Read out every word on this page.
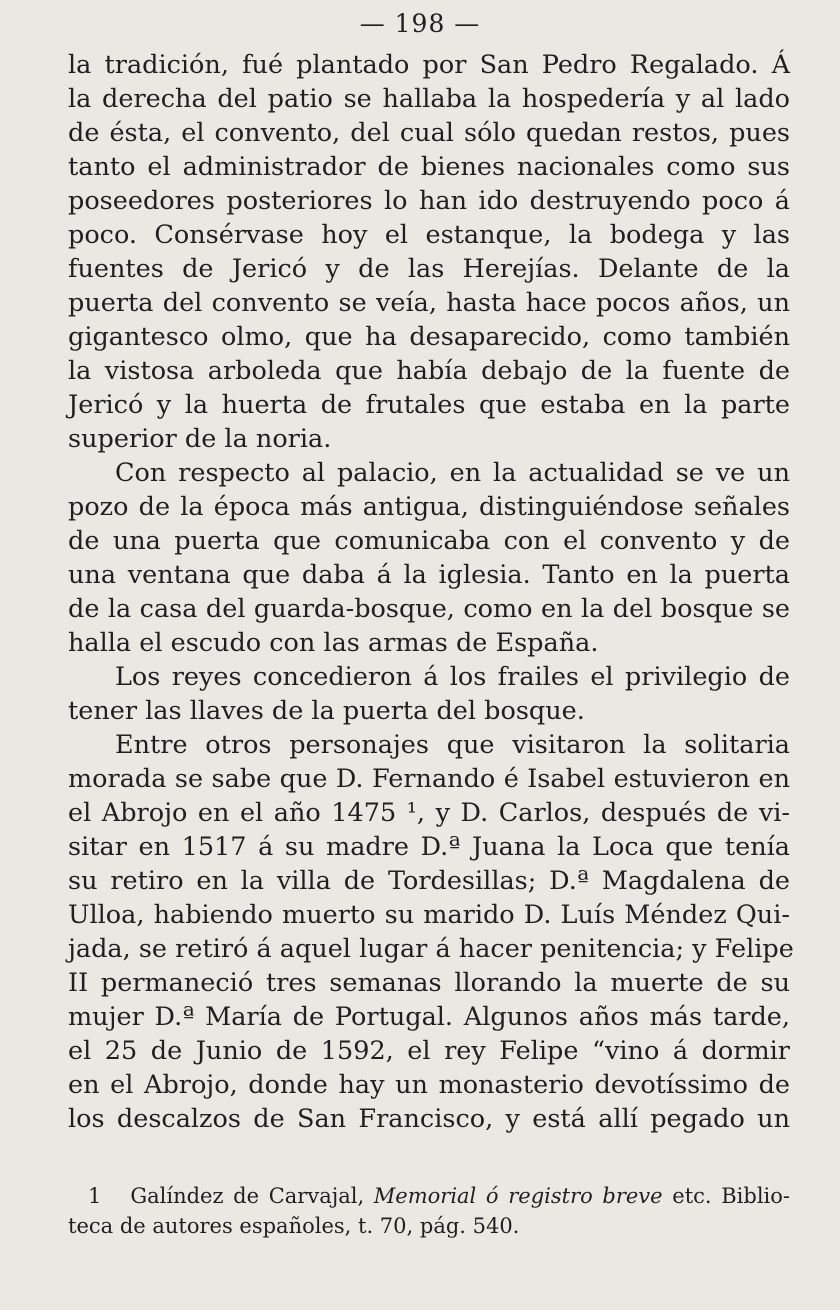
— 198 —
la tradición, fué plantado por San Pedro Regalado. Á
la derecha del patio se hallaba la hospedería y al lado
de ésta, el convento, del cual sólo quedan restos, pues
tanto el administrador de bienes nacionales como sus
poseedores posteriores lo han ido destruyendo poco á
poco. Consérvase hoy el estanque, la bodega y las
fuentes de Jericó y de las Herejías. Delante de la
puerta del convento se veía, hasta hace pocos años, un
gigantesco olmo, que ha desaparecido, como también
la vistosa arboleda que había debajo de la fuente de
Jericó y la huerta de frutales que estaba en la parte
superior de la noria.
Con respecto al palacio, en la actualidad se ve un
pozo de la época más antigua, distinguiéndose señales
de una puerta que comunicaba con el convento y de
una ventana que daba á la iglesia. Tanto en la puerta
de la casa del guarda-bosque, como en la del bosque se
halla el escudo con las armas de España.
Los reyes concedieron á los frailes el privilegio de
tener las llaves de la puerta del bosque.
Entre otros personajes que visitaron la solitaria
morada se sabe que D. Fernando é Isabel estuvieron en
el Abrojo en el año 1475 ¹, y D. Carlos, después de vi-
sitar en 1517 á su madre D.ª Juana la Loca que tenía
su retiro en la villa de Tordesillas; D.ª Magdalena de
Ulloa, habiendo muerto su marido D. Luís Méndez Qui-
jada, se retiró á aquel lugar á hacer penitencia; y Felipe
II permaneció tres semanas llorando la muerte de su
mujer D.ª María de Portugal. Algunos años más tarde,
el 25 de Junio de 1592, el rey Felipe “vino á dormir
en el Abrojo, donde hay un monasterio devotíssimo de
los descalzos de San Francisco, y está allí pegado un
1 Galíndez de Carvajal, Memorial ó registro breve etc. Biblio-
teca de autores españoles, t. 70, pág. 540.
